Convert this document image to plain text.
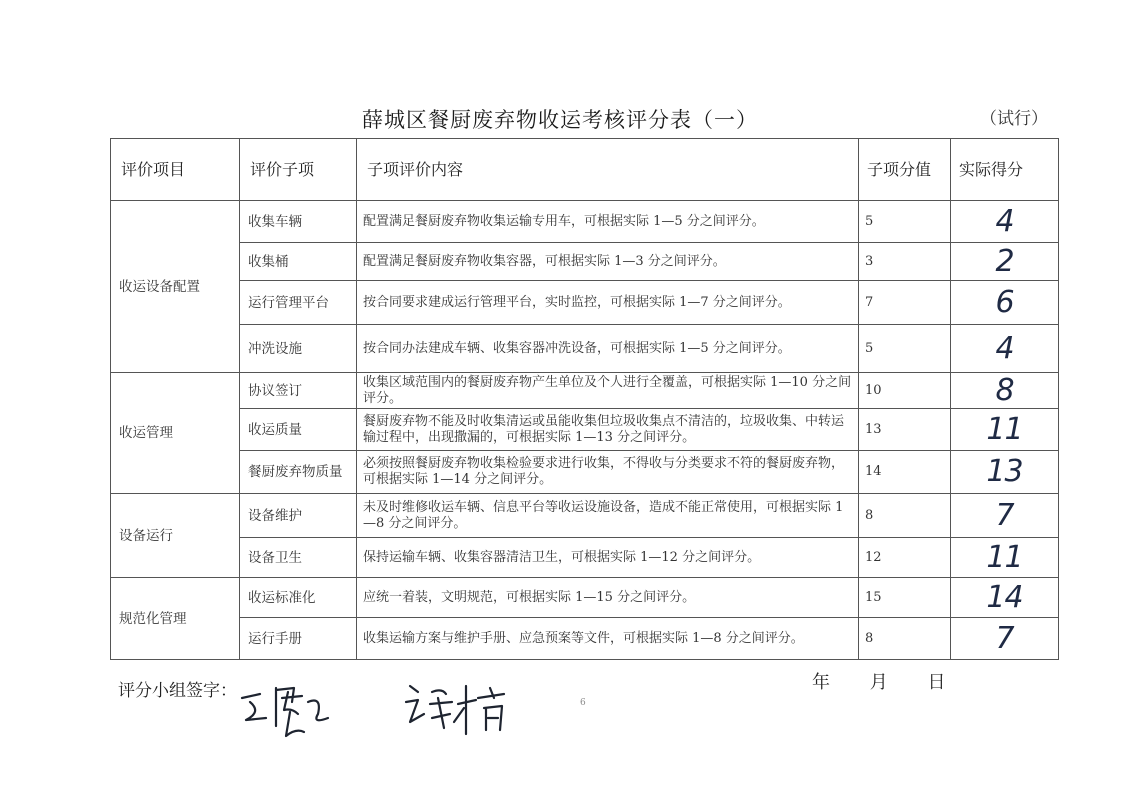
薛城区餐厨废弃物收运考核评分表（一）	（试行）
评价项目	评价子项	子项评价内容	子项分值	实际得分
收运设备配置	收集车辆	配置满足餐厨废弃物收集运输专用车，可根据实际 1—5 分之间评分。	5	4
	收集桶	配置满足餐厨废弃物收集容器，可根据实际 1—3 分之间评分。	3	2
	运行管理平台	按合同要求建成运行管理平台，实时监控，可根据实际 1—7 分之间评分。	7	6
	冲洗设施	按合同办法建成车辆、收集容器冲洗设备，可根据实际 1—5 分之间评分。	5	4
收运管理	协议签订	收集区域范围内的餐厨废弃物产生单位及个人进行全覆盖，可根据实际 1—10 分之间评分。	10	8
	收运质量	餐厨废弃物不能及时收集清运或虽能收集但垃圾收集点不清洁的，垃圾收集、中转运输过程中，出现撒漏的，可根据实际 1—13 分之间评分。	13	11
	餐厨废弃物质量	必须按照餐厨废弃物收集检验要求进行收集，不得收与分类要求不符的餐厨废弃物，可根据实际 1—14 分之间评分。	14	13
设备运行	设备维护	未及时维修收运车辆、信息平台等收运设施设备，造成不能正常使用，可根据实际 1—8 分之间评分。	8	7
	设备卫生	保持运输车辆、收集容器清洁卫生，可根据实际 1—12 分之间评分。	12	11
规范化管理	收运标准化	应统一着装，文明规范，可根据实际 1—15 分之间评分。	15	14
	运行手册	收集运输方案与维护手册、应急预案等文件，可根据实际 1—8 分之间评分。	8	7
评分小组签字：	年 月 日
6
